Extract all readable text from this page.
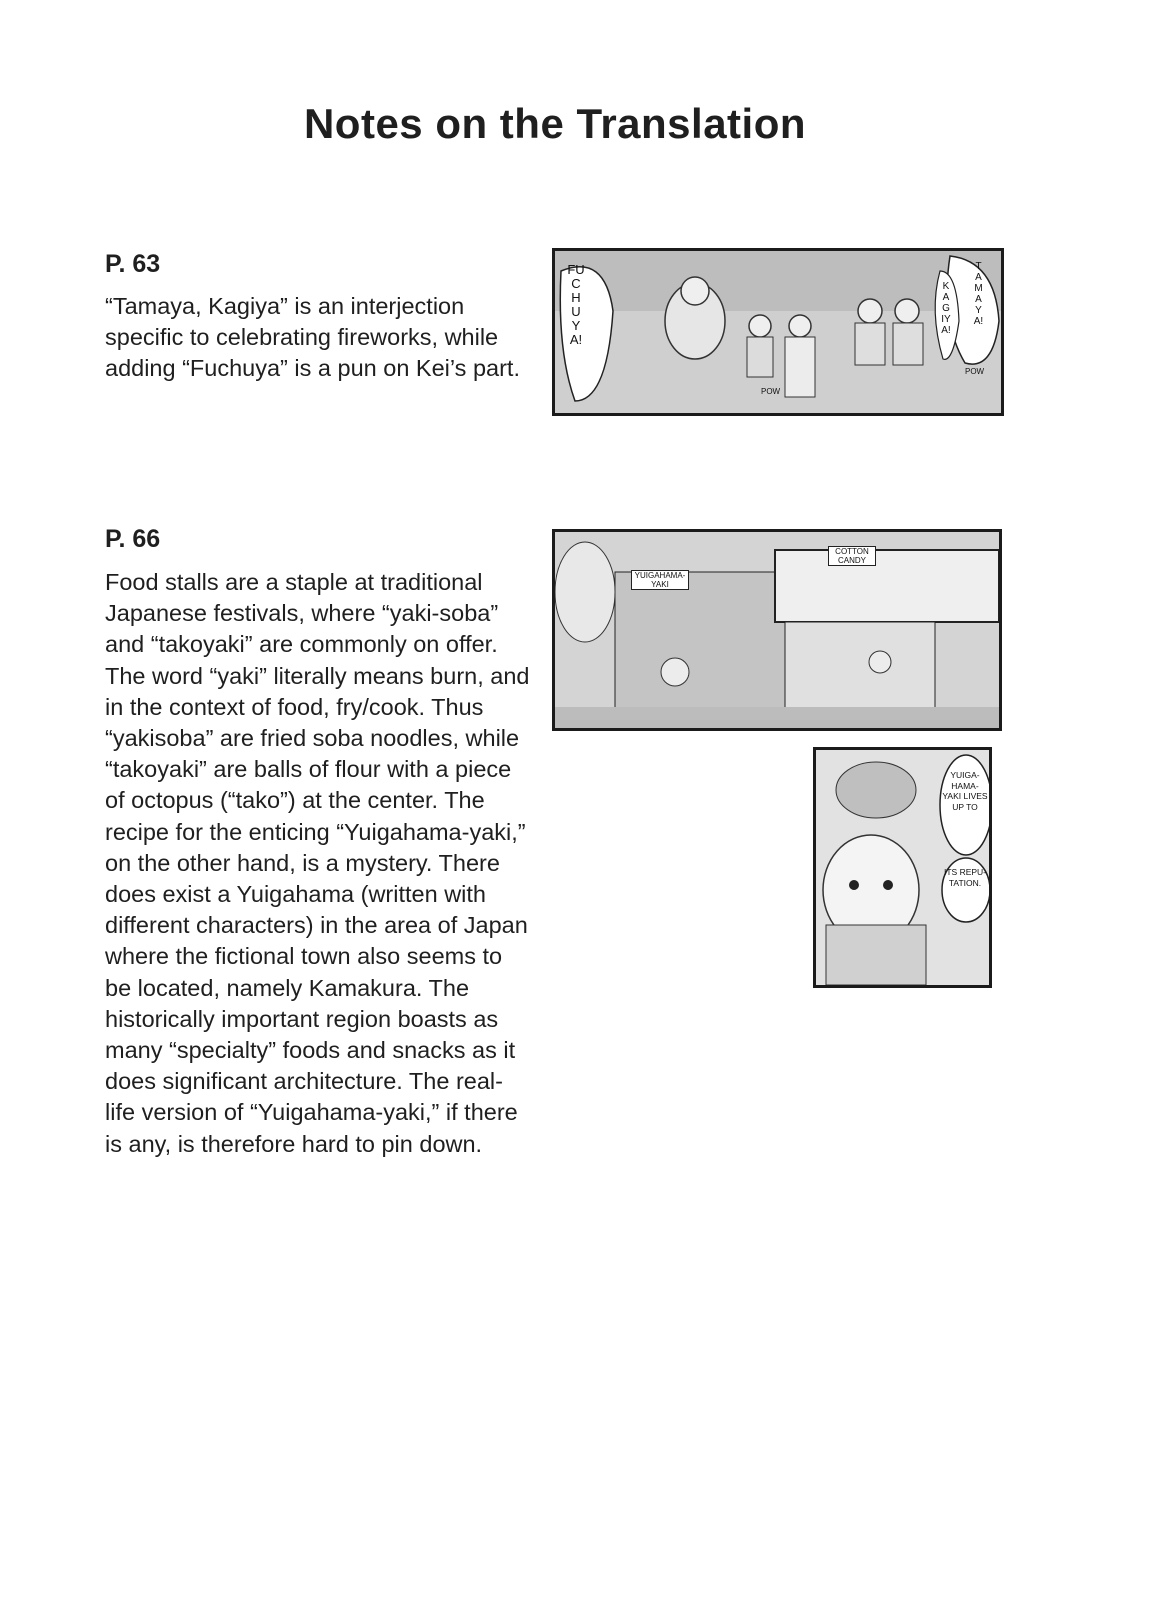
Notes on the Translation
P. 63

“Tamaya, Kagiya” is an interjection specific to celebrating fireworks, while adding “Fuchuya” is a pun on Kei’s part.

FUCHUYA!
KAGIYA!
TAMAYA!
POW
POW
P. 66
YUIGAHAMA-YAKI
COTTON CANDY

Food stalls are a staple at traditional Japanese festivals, where “yaki-soba” and “takoyaki” are commonly on offer. The word “yaki” literally means burn, and in the context of food, fry/cook. Thus “yakisoba” are fried soba noodles, while “takoyaki” are balls of flour with a piece of octopus (“tako”) at the center. The recipe for the enticing “Yuigahama-yaki,” on the other hand, is a mystery. There does exist a Yuigahama (written with different characters) in the area of Japan where the fictional town also seems to be located, namely Kamakura. The historically important region boasts as many “specialty” foods and snacks as it does significant architecture. The real-life version of “Yuigahama-yaki,” if there is any, is therefore hard to pin down.

YUIGA-HAMA-YAKI LIVES UP TO
ITS REPU-TATION.
